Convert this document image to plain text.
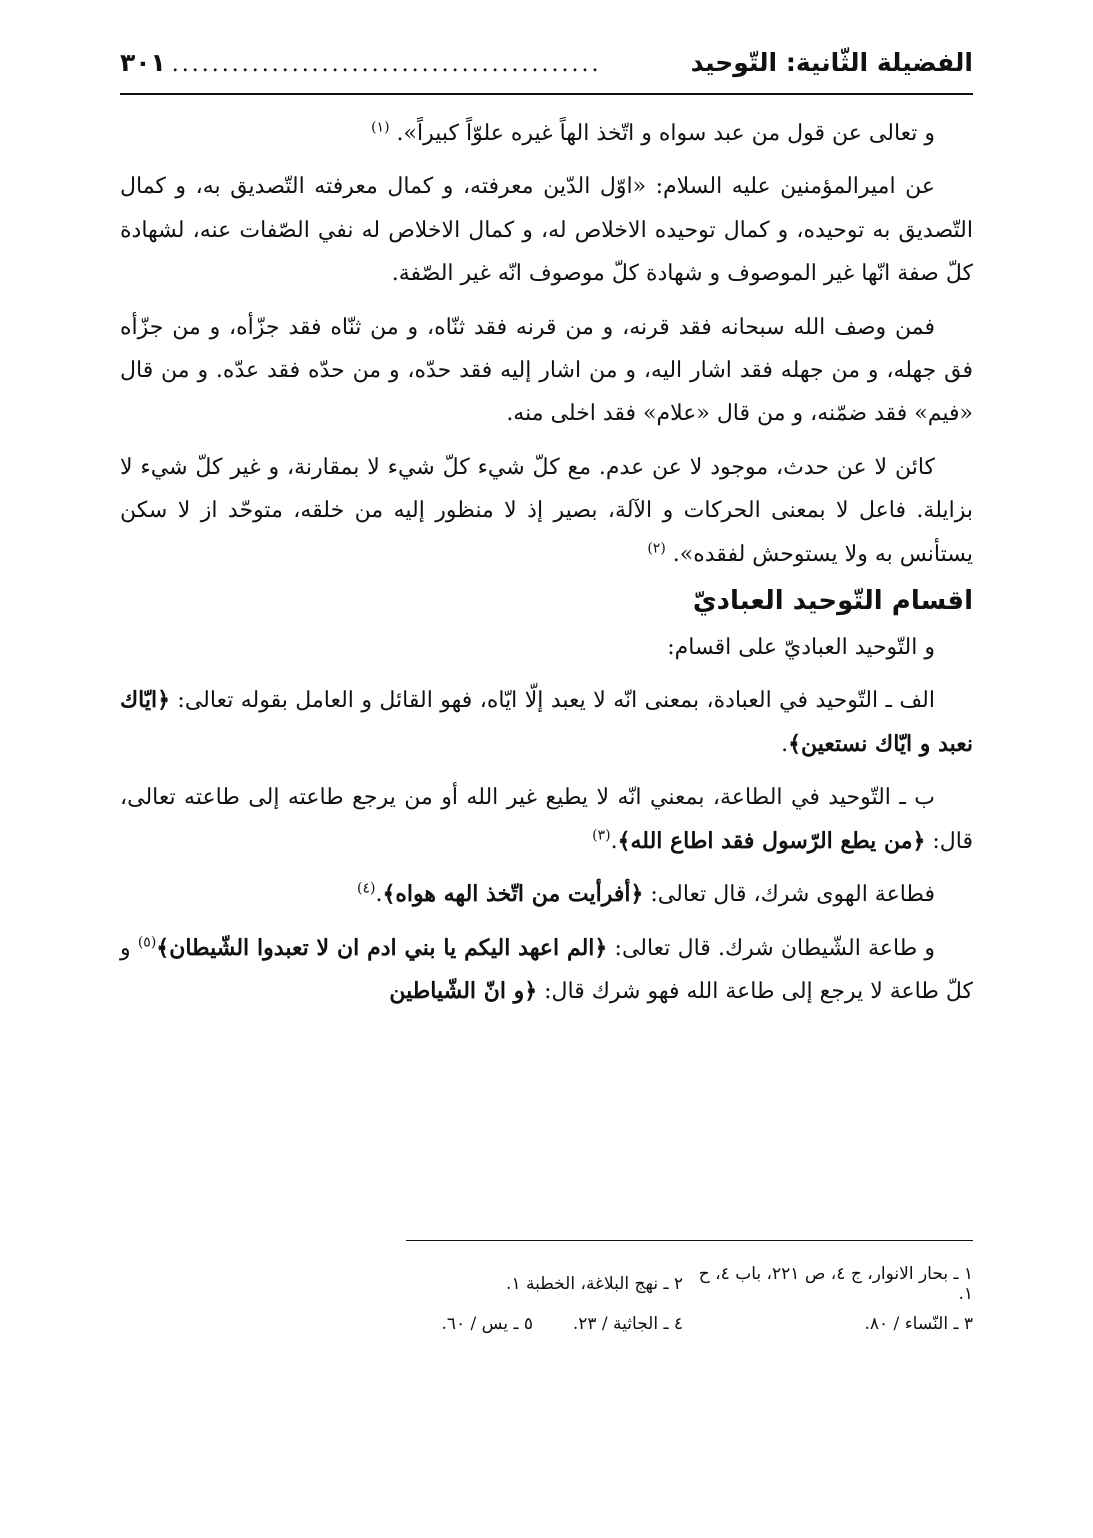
الفضيلة الثّانية: التّوحيد
...........................................
٣٠١

و تعالى عن قول من عبد سواه و اتّخذ الهاً غيره علوّاً كبيراً». $^{(١)}$

عن اميرالمؤمنين عليه السلام: «اوّل الدّين معرفته، و كمال معرفته التّصديق به، و كمال التّصديق به توحيده، و كمال توحيده الاخلاص له، و كمال الاخلاص له نفي الصّفات عنه، لشهادة كلّ صفة انّها غير الموصوف و شهادة كلّ موصوف انّه غير الصّفة.

فمن وصف الله سبحانه فقد قرنه، و من قرنه فقد ثنّاه، و من ثنّاه فقد جزّأه، و من جزّأه فق جهله، و من جهله فقد اشار اليه، و من اشار إليه فقد حدّه، و من حدّه فقد عدّه. و من قال «فيم» فقد ضمّنه، و من قال «علام» فقد اخلى منه.

كائن لا عن حدث، موجود لا عن عدم. مع كلّ شيء كلّ شيء لا بمقارنة، و غير كلّ شيء لا بزايلة. فاعل لا بمعنى الحركات و الآلة، بصير إذ لا منظور إليه من خلقه، متوحّد از لا سكن يستأنس به ولا يستوحش لفقده». $^{(٢)}$

اقسام التّوحيد العباديّ

و التّوحيد العباديّ على اقسام:

الف ـ التّوحيد في العبادة، بمعنى انّه لا يعبد إلّا ايّاه، فهو القائل و العامل بقوله تعالى: ﴿ايّاك نعبد و ايّاك نستعين﴾.

ب ـ التّوحيد في الطاعة، بمعني انّه لا يطيع غير الله أو من يرجع طاعته إلى طاعته تعالى، قال: ﴿من يطع الرّسول فقد اطاع الله﴾.$^{(٣)}$

فطاعة الهوى شرك، قال تعالى: ﴿أفرأيت من اتّخذ الهه هواه﴾.$^{(٤)}$

و طاعة الشّيطان شرك. قال تعالى: ﴿الم اعهد اليكم يا بني ادم ان لا تعبدوا الشّيطان﴾$^{(٥)}$ و كلّ طاعة لا يرجع إلى طاعة الله فهو شرك قال: ﴿و انّ الشّياطين

١ ـ بحار الانوار، ج ٤، ص ٢٢١، باب ٤، ح ١.
٢ ـ نهج البلاغة، الخطبة ١.
٣ ـ النّساء / ٨٠.
٤ ـ الجاثية / ٢٣.
٥ ـ يس / ٦٠.
